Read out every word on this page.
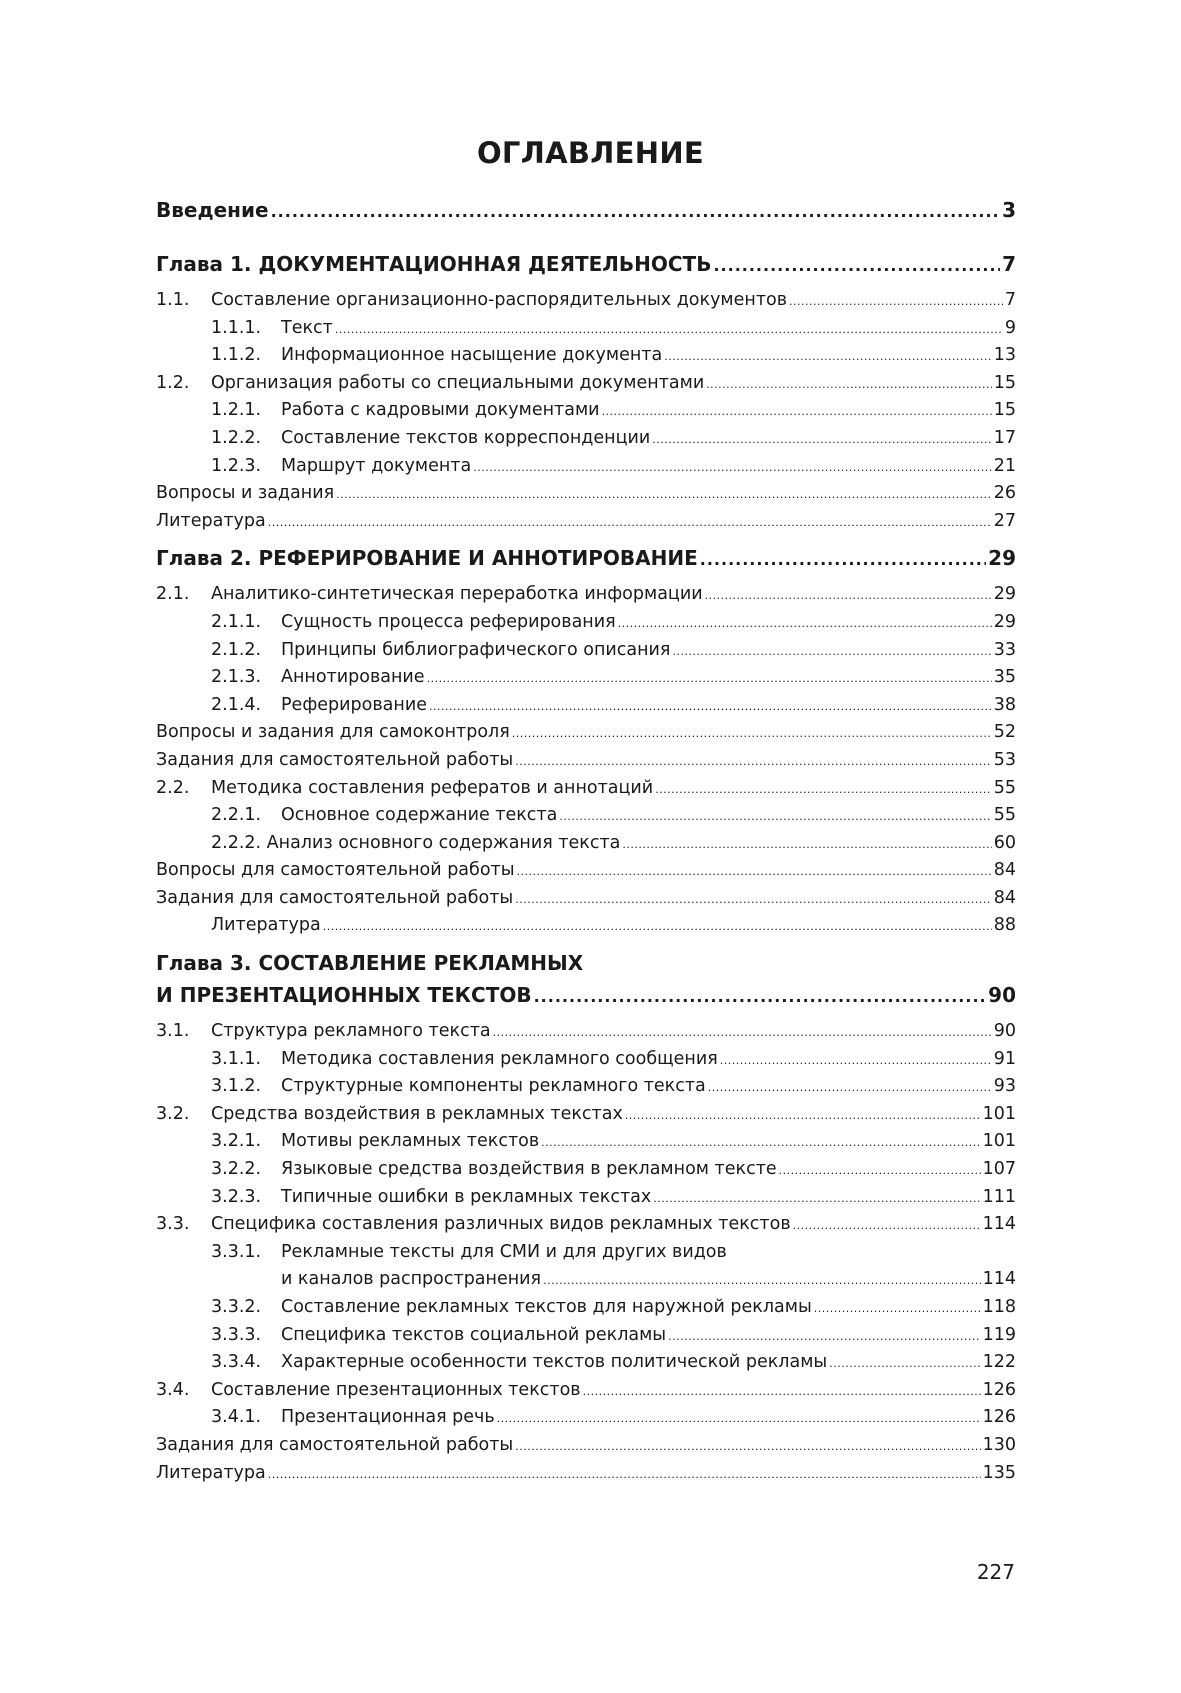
ОГЛАВЛЕНИЕ
Введение .....	3
Глава 1. ДОКУМЕНТАЦИОННАЯ ДЕЯТЕЛЬНОСТЬ .....	7
1.1.	Составление организационно-распорядительных документов .....	7
1.1.1.	Текст .....	9
1.1.2.	Информационное насыщение документа .....	13
1.2.	Организация работы со специальными документами .....	15
1.2.1.	Работа с кадровыми документами .....	15
1.2.2.	Составление текстов корреспонденции .....	17
1.2.3.	Маршрут документа .....	21
Вопросы и задания .....	26
Литература .....	27
Глава 2. РЕФЕРИРОВАНИЕ И АННОТИРОВАНИЕ .....	29
2.1.	Аналитико-синтетическая переработка информации .....	29
2.1.1.	Сущность процесса реферирования .....	29
2.1.2.	Принципы библиографического описания .....	33
2.1.3.	Аннотирование .....	35
2.1.4.	Реферирование .....	38
Вопросы и задания для самоконтроля .....	52
Задания для самостоятельной работы .....	53
2.2.	Методика составления рефератов и аннотаций .....	55
2.2.1.	Основное содержание текста .....	55
2.2.2. Анализ основного содержания текста .....	60
Вопросы для самостоятельной работы .....	84
Задания для самостоятельной работы .....	84
Литература .....	88
Глава 3. СОСТАВЛЕНИЕ РЕКЛАМНЫХ
И ПРЕЗЕНТАЦИОННЫХ ТЕКСТОВ .....	90
3.1.	Структура рекламного текста .....	90
3.1.1.	Методика составления рекламного сообщения .....	91
3.1.2.	Структурные компоненты рекламного текста .....	93
3.2.	Средства воздействия в рекламных текстах .....	101
3.2.1.	Мотивы рекламных текстов .....	101
3.2.2.	Языковые средства воздействия в рекламном тексте .....	107
3.2.3.	Типичные ошибки в рекламных текстах .....	111
3.3.	Специфика составления различных видов рекламных текстов .....	114
3.3.1.	Рекламные тексты для СМИ и для других видов
и каналов распространения .....	114
3.3.2.	Составление рекламных текстов для наружной рекламы .....	118
3.3.3.	Специфика текстов социальной рекламы .....	119
3.3.4.	Характерные особенности текстов политической рекламы .....	122
3.4.	Составление презентационных текстов .....	126
3.4.1.	Презентационная речь .....	126
Задания для самостоятельной работы .....	130
Литература .....	135
227
